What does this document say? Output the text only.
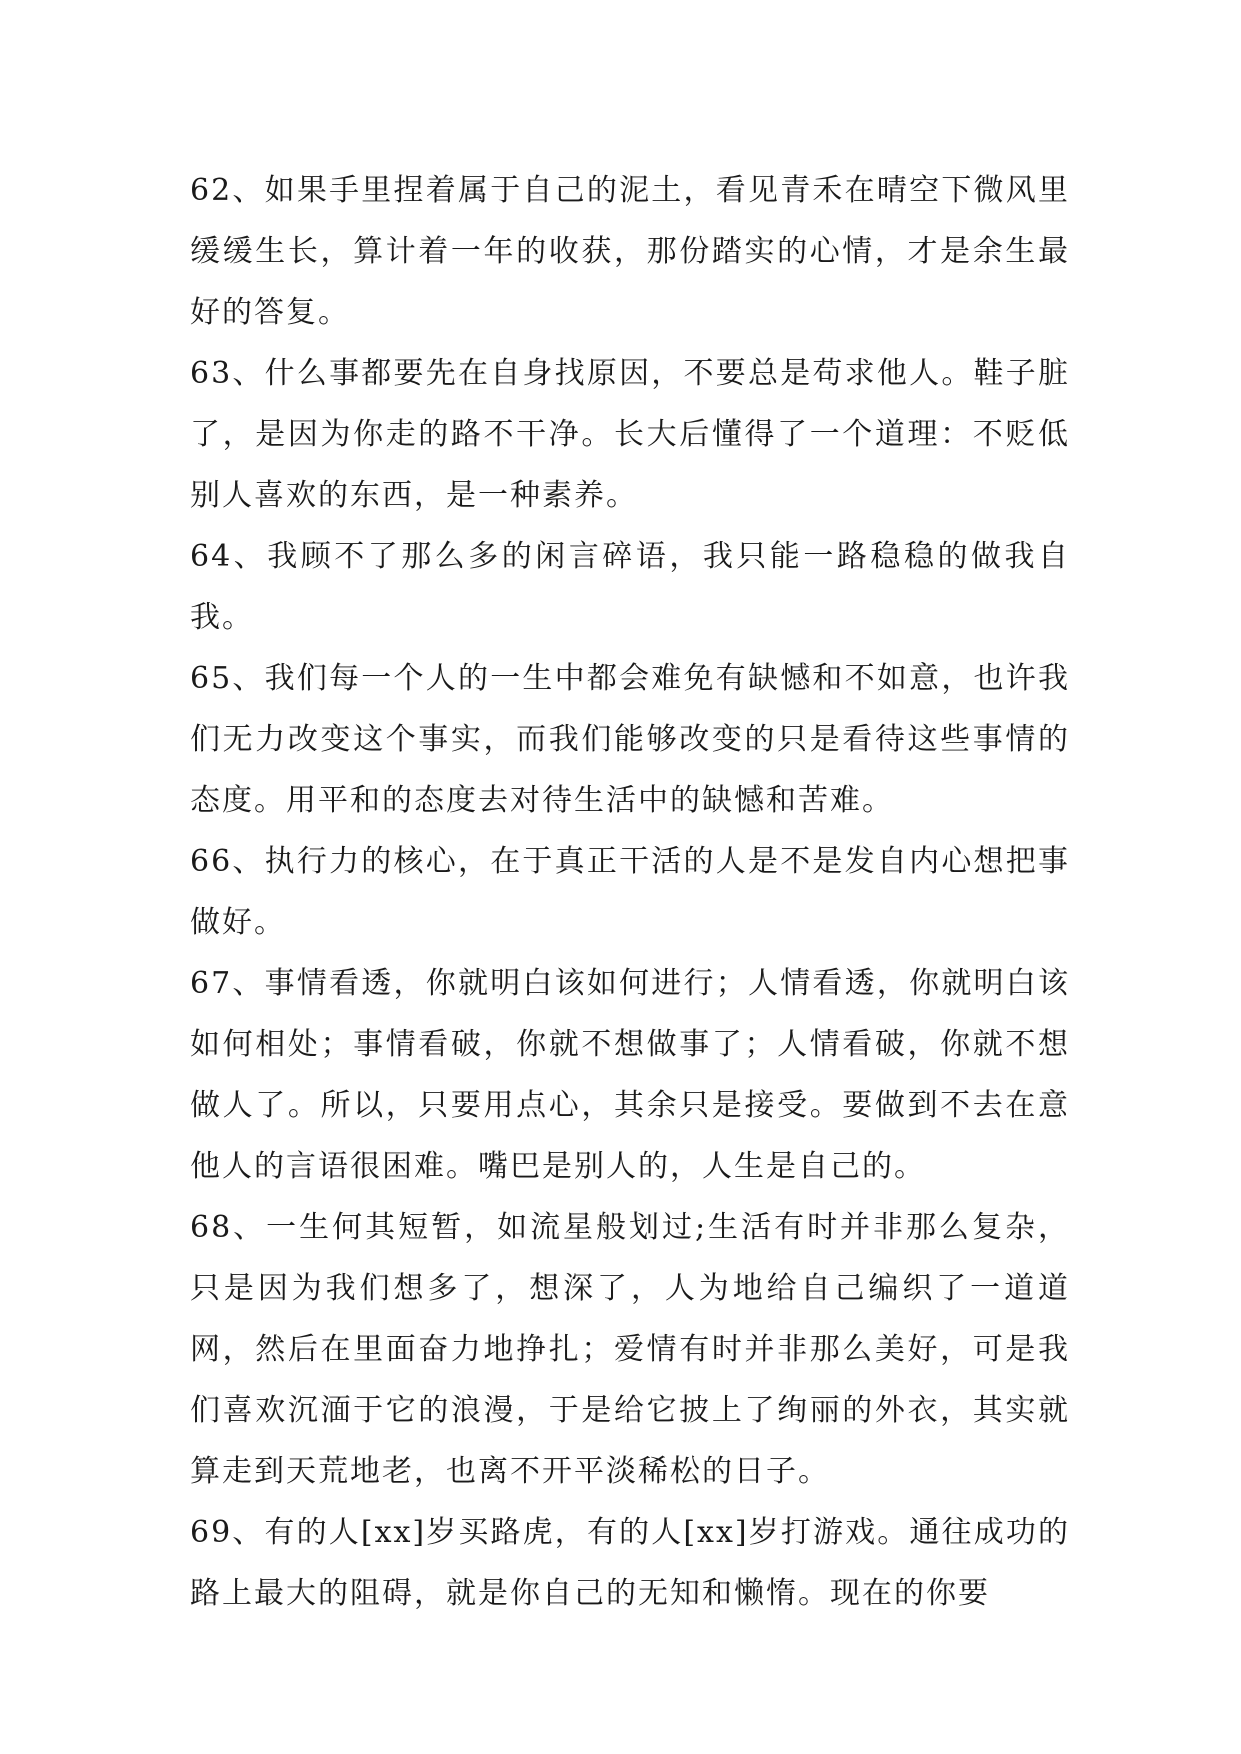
62、如果手里捏着属于自己的泥土，看见青禾在晴空下微风里缓缓生长，算计着一年的收获，那份踏实的心情，才是余生最好的答复。

63、什么事都要先在自身找原因，不要总是苟求他人。鞋子脏了，是因为你走的路不干净。长大后懂得了一个道理：不贬低别人喜欢的东西，是一种素养。

64、我顾不了那么多的闲言碎语，我只能一路稳稳的做我自我。

65、我们每一个人的一生中都会难免有缺憾和不如意，也许我们无力改变这个事实，而我们能够改变的只是看待这些事情的态度。用平和的态度去对待生活中的缺憾和苦难。

66、执行力的核心，在于真正干活的人是不是发自内心想把事做好。

67、事情看透，你就明白该如何进行；人情看透，你就明白该如何相处；事情看破，你就不想做事了；人情看破，你就不想做人了。所以，只要用点心，其余只是接受。要做到不去在意他人的言语很困难。嘴巴是别人的，人生是自己的。

68、一生何其短暂，如流星般划过;生活有时并非那么复杂，只是因为我们想多了，想深了，人为地给自己编织了一道道网，然后在里面奋力地挣扎；爱情有时并非那么美好，可是我们喜欢沉湎于它的浪漫，于是给它披上了绚丽的外衣，其实就算走到天荒地老，也离不开平淡稀松的日子。

69、有的人[xx]岁买路虎，有的人[xx]岁打游戏。通往成功的路上最大的阻碍，就是你自己的无知和懒惰。现在的你要
